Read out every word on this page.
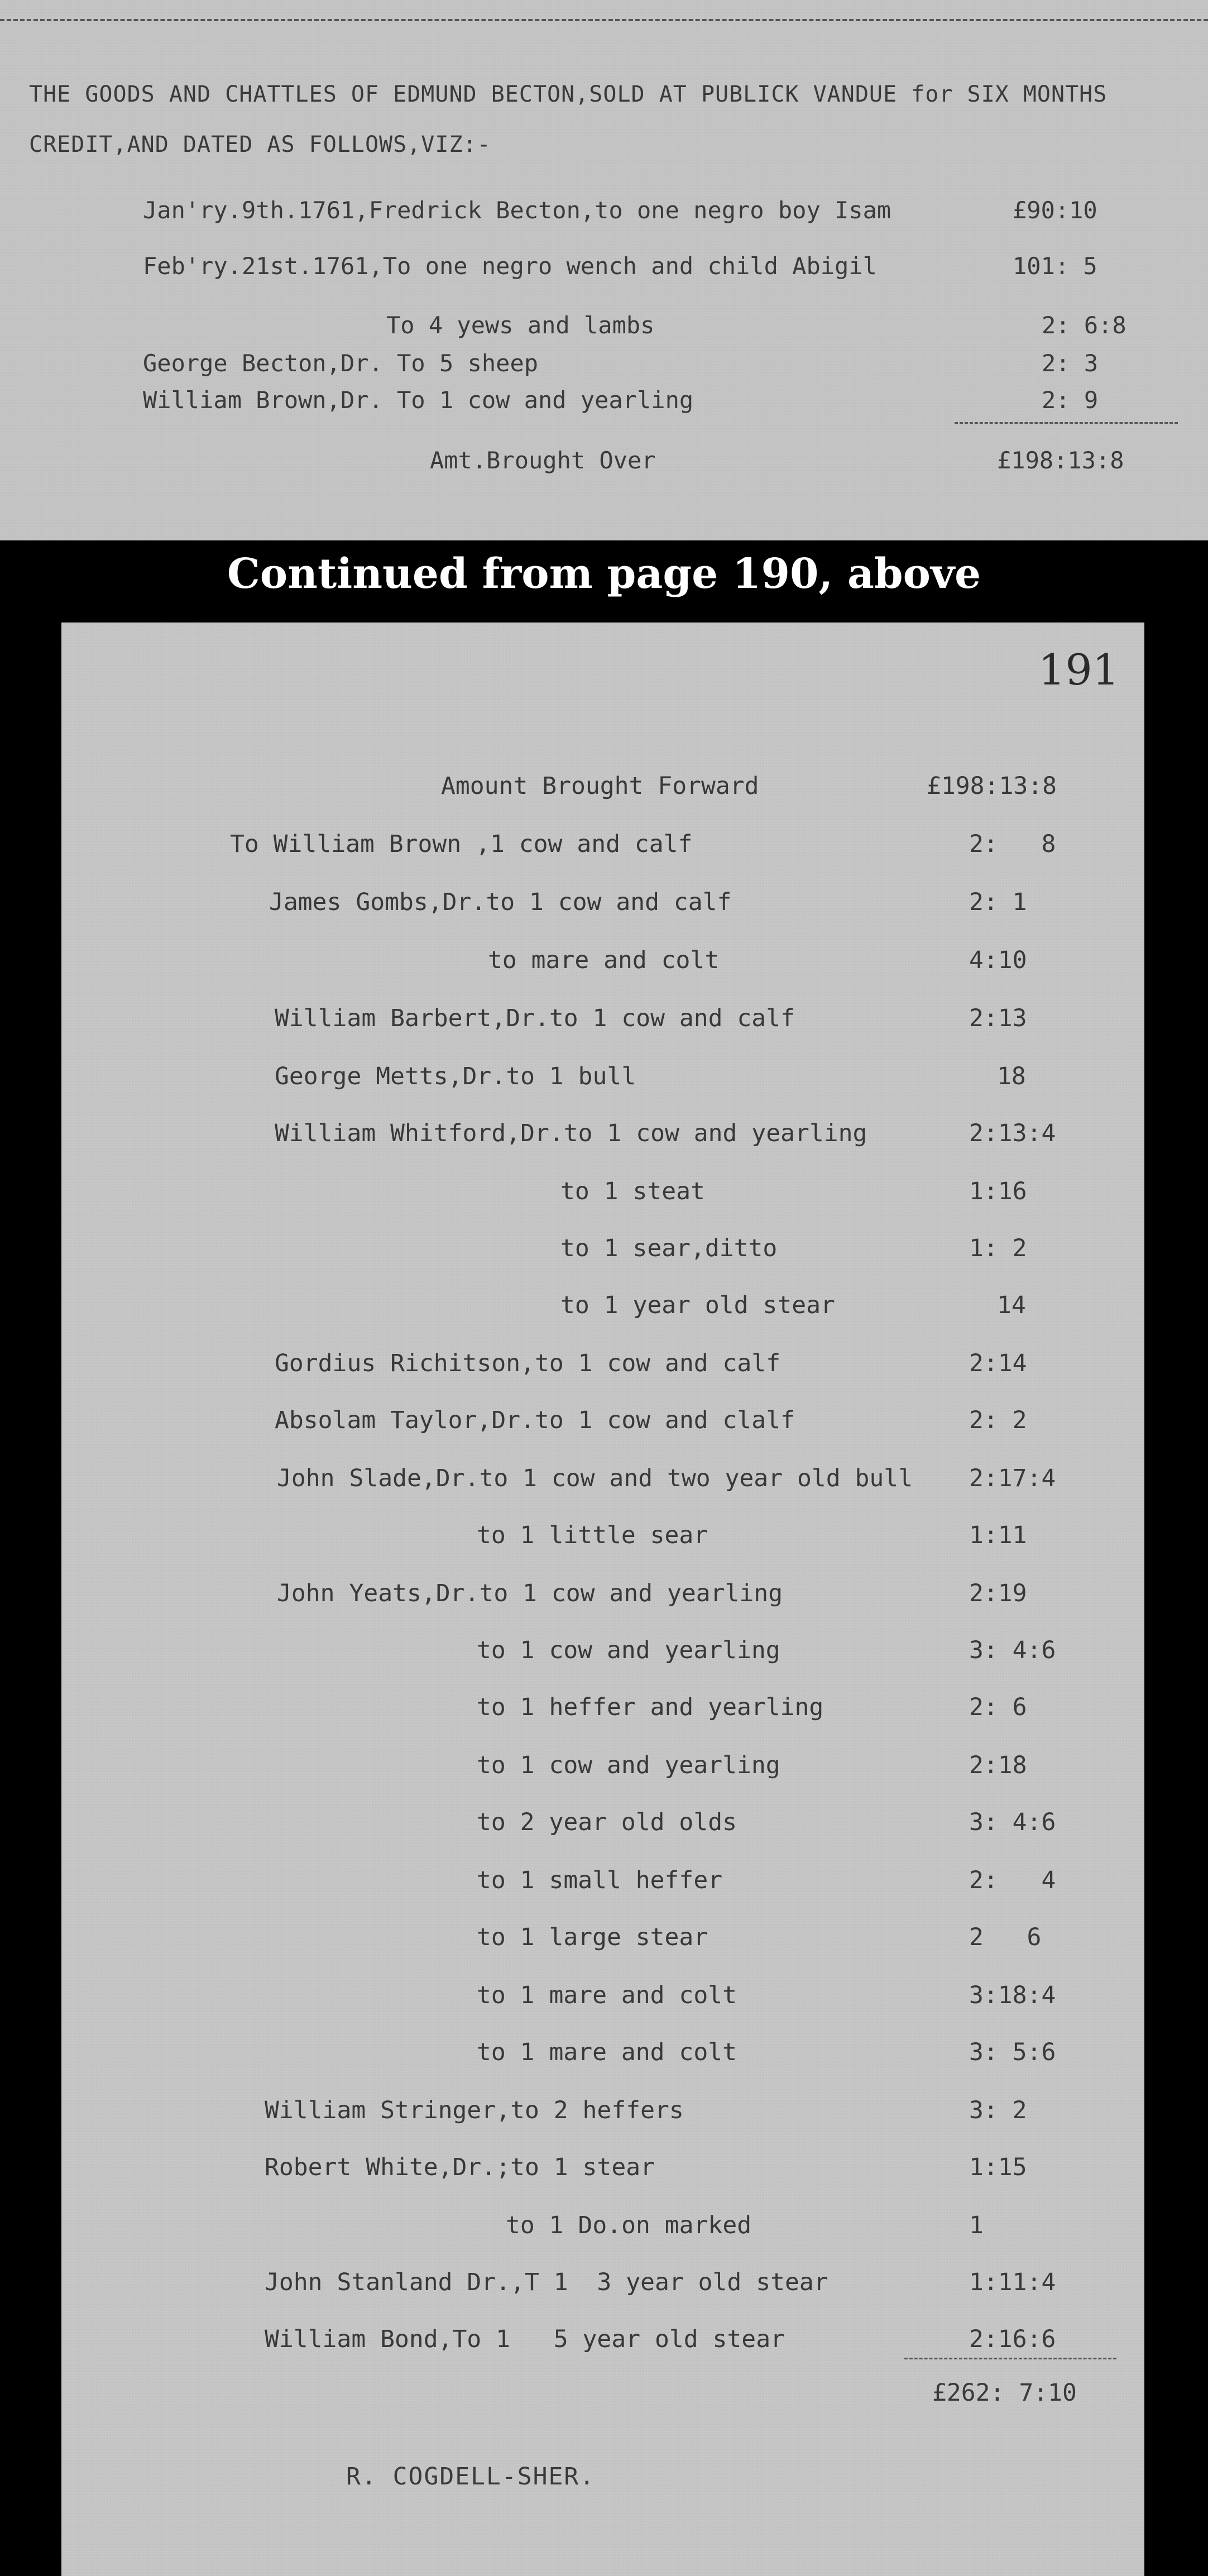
THE GOODS AND CHATTLES OF EDMUND BECTON,SOLD AT PUBLICK VANDUE for SIX MONTHS
CREDIT,AND DATED AS FOLLOWS,VIZ:-
Jan'ry.9th.1761,Fredrick Becton,to one negro boy Isam	£90:10
Feb'ry.21st.1761,To one negro wench and child Abigil	101: 5
To 4 yews and lambs	2: 6:8
George Becton,Dr. To 5 sheep	2: 3
William Brown,Dr. To 1 cow and yearling	2: 9
Amt.Brought Over	£198:13:8
Continued from page 190, above
191
Amount Brought Forward	£198:13:8
To William Brown ,1 cow and calf	2:   8
James Gombs,Dr.to 1 cow and calf	2: 1
to mare and colt	4:10
William Barbert,Dr.to 1 cow and calf	2:13
George Metts,Dr.to 1 bull	18
William Whitford,Dr.to 1 cow and yearling	2:13:4
to 1 steat	1:16
to 1 sear,ditto	1: 2
to 1 year old stear	14
Gordius Richitson,to 1 cow and calf	2:14
Absolam Taylor,Dr.to 1 cow and clalf	2: 2
John Slade,Dr.to 1 cow and two year old bull 2:17:4
to 1 little sear	1:11
John Yeats,Dr.to 1 cow and yearling	2:19
to 1 cow and yearling	3: 4:6
to 1 heffer and yearling	2: 6
to 1 cow and yearling	2:18
to 2 year old olds	3: 4:6
to 1 small heffer	2:   4
to 1 large stear	2   6
to 1 mare and colt	3:18:4
to 1 mare and colt	3: 5:6
William Stringer,to 2 heffers	3: 2
Robert White,Dr.;to 1 stear	1:15
to 1 Do.on marked	1
John Stanland Dr.,T 1  3 year old stear	1:11:4
William Bond,To 1   5 year old stear	2:16:6
£262: 7:10
R. COGDELL-SHER.
